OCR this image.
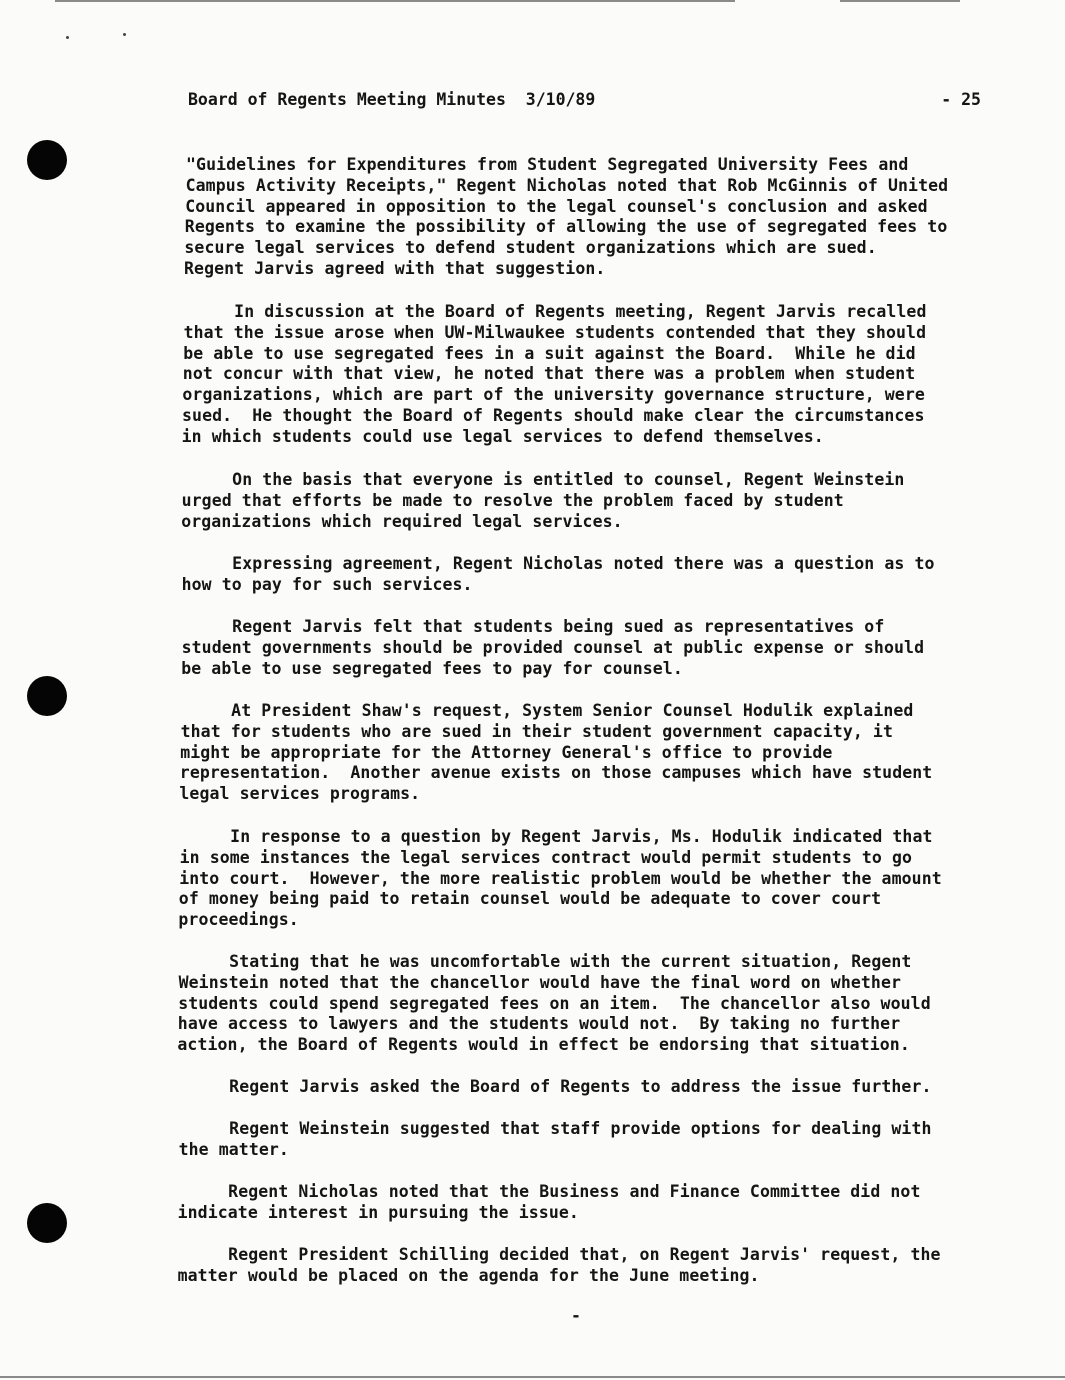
Board of Regents Meeting Minutes 3/10/89	- 25
"Guidelines for Expenditures from Student Segregated University Fees and
Campus Activity Receipts," Regent Nicholas noted that Rob McGinnis of United
Council appeared in opposition to the legal counsel's conclusion and asked
Regents to examine the possibility of allowing the use of segregated fees to
secure legal services to defend student organizations which are sued.
Regent Jarvis agreed with that suggestion.
In discussion at the Board of Regents meeting, Regent Jarvis recalled
that the issue arose when UW-Milwaukee students contended that they should
be able to use segregated fees in a suit against the Board.  While he did
not concur with that view, he noted that there was a problem when student
organizations, which are part of the university governance structure, were
sued.  He thought the Board of Regents should make clear the circumstances
in which students could use legal services to defend themselves.
On the basis that everyone is entitled to counsel, Regent Weinstein
urged that efforts be made to resolve the problem faced by student
organizations which required legal services.
Expressing agreement, Regent Nicholas noted there was a question as to
how to pay for such services.
Regent Jarvis felt that students being sued as representatives of
student governments should be provided counsel at public expense or should
be able to use segregated fees to pay for counsel.
At President Shaw's request, System Senior Counsel Hodulik explained
that for students who are sued in their student government capacity, it
might be appropriate for the Attorney General's office to provide
representation.  Another avenue exists on those campuses which have student
legal services programs.
In response to a question by Regent Jarvis, Ms. Hodulik indicated that
in some instances the legal services contract would permit students to go
into court.  However, the more realistic problem would be whether the amount
of money being paid to retain counsel would be adequate to cover court
proceedings.
Stating that he was uncomfortable with the current situation, Regent
Weinstein noted that the chancellor would have the final word on whether
students could spend segregated fees on an item.  The chancellor also would
have access to lawyers and the students would not.  By taking no further
action, the Board of Regents would in effect be endorsing that situation.
Regent Jarvis asked the Board of Regents to address the issue further.
Regent Weinstein suggested that staff provide options for dealing with
the matter.
Regent Nicholas noted that the Business and Finance Committee did not
indicate interest in pursuing the issue.
Regent President Schilling decided that, on Regent Jarvis' request, the
matter would be placed on the agenda for the June meeting.
-
